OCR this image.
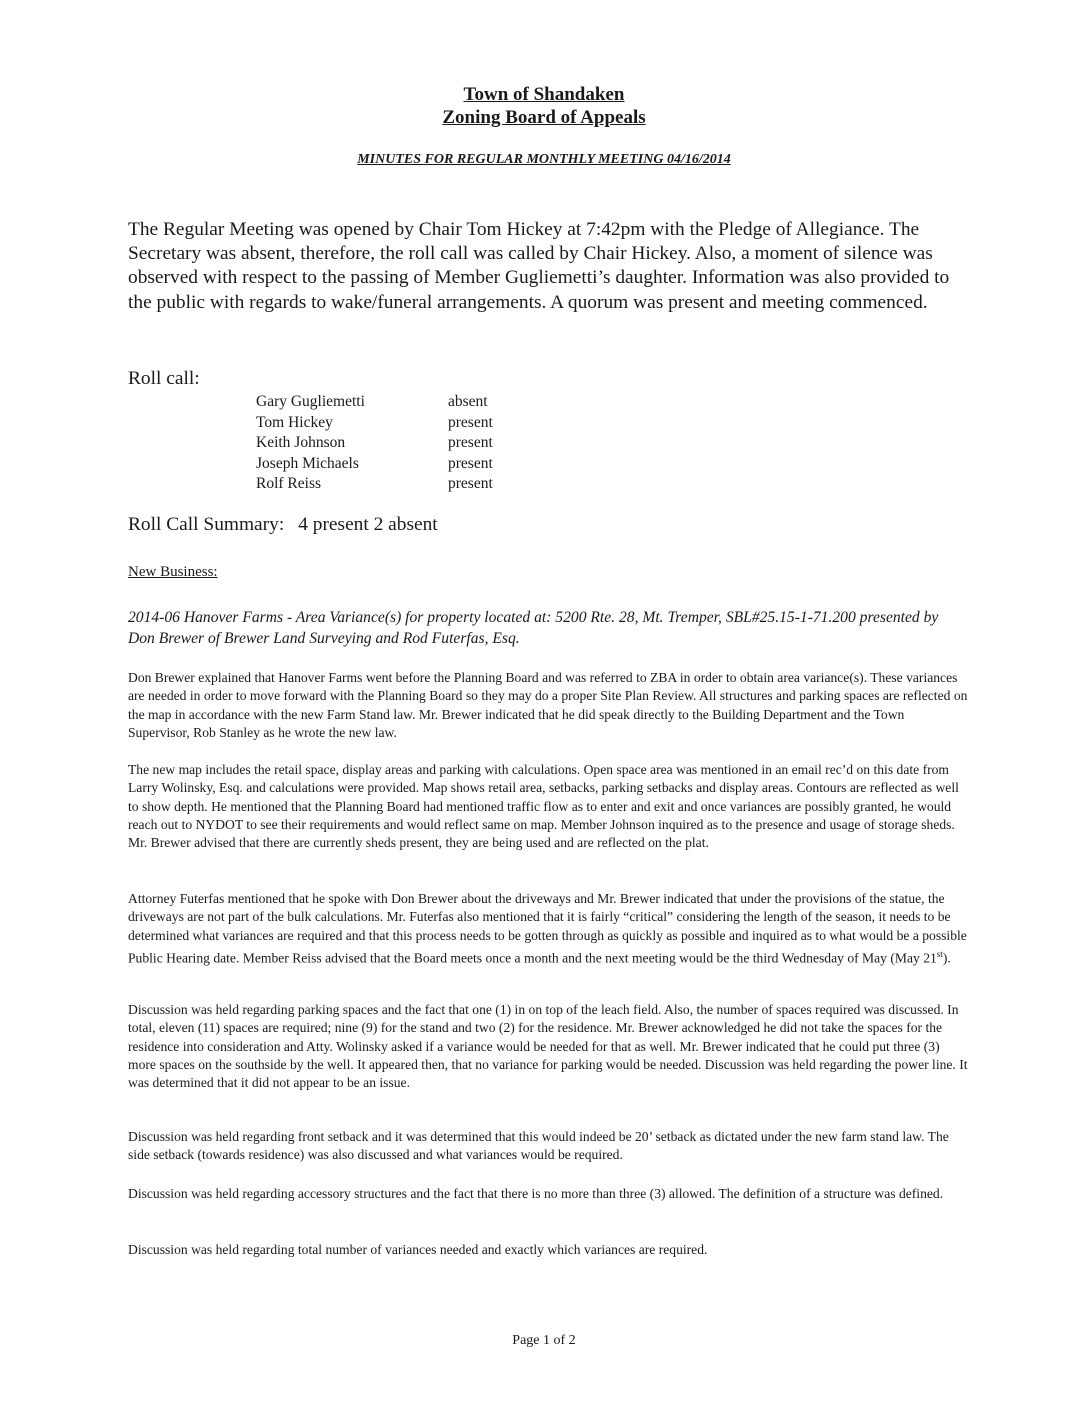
Town of Shandaken
Zoning Board of Appeals
MINUTES FOR REGULAR MONTHLY MEETING 04/16/2014

The Regular Meeting was opened by Chair Tom Hickey at 7:42pm with the Pledge of Allegiance. The Secretary was absent, therefore, the roll call was called by Chair Hickey. Also, a moment of silence was observed with respect to the passing of Member Gugliemetti’s daughter. Information was also provided to the public with regards to wake/funeral arrangements. A quorum was present and meeting commenced.

Roll call:

Gary Gugliemetti	absent
Tom Hickey	present
Keith Johnson	present
Joseph Michaels	present
Rolf Reiss	present

Roll Call Summary: 4 present 2 absent

New Business:

2014-06 Hanover Farms - Area Variance(s) for property located at: 5200 Rte. 28, Mt. Tremper, SBL#25.15-1-71.200 presented by Don Brewer of Brewer Land Surveying and Rod Futerfas, Esq.

Don Brewer explained that Hanover Farms went before the Planning Board and was referred to ZBA in order to obtain area variance(s). These variances are needed in order to move forward with the Planning Board so they may do a proper Site Plan Review. All structures and parking spaces are reflected on the map in accordance with the new Farm Stand law. Mr. Brewer indicated that he did speak directly to the Building Department and the Town Supervisor, Rob Stanley as he wrote the new law.

The new map includes the retail space, display areas and parking with calculations. Open space area was mentioned in an email rec’d on this date from Larry Wolinsky, Esq. and calculations were provided. Map shows retail area, setbacks, parking setbacks and display areas. Contours are reflected as well to show depth. He mentioned that the Planning Board had mentioned traffic flow as to enter and exit and once variances are possibly granted, he would reach out to NYDOT to see their requirements and would reflect same on map. Member Johnson inquired as to the presence and usage of storage sheds. Mr. Brewer advised that there are currently sheds present, they are being used and are reflected on the plat.

Attorney Futerfas mentioned that he spoke with Don Brewer about the driveways and Mr. Brewer indicated that under the provisions of the statue, the driveways are not part of the bulk calculations. Mr. Futerfas also mentioned that it is fairly “critical” considering the length of the season, it needs to be determined what variances are required and that this process needs to be gotten through as quickly as possible and inquired as to what would be a possible Public Hearing date. Member Reiss advised that the Board meets once a month and the next meeting would be the third Wednesday of May (May 21st).

Discussion was held regarding parking spaces and the fact that one (1) in on top of the leach field. Also, the number of spaces required was discussed. In total, eleven (11) spaces are required; nine (9) for the stand and two (2) for the residence. Mr. Brewer acknowledged he did not take the spaces for the residence into consideration and Atty. Wolinsky asked if a variance would be needed for that as well. Mr. Brewer indicated that he could put three (3) more spaces on the southside by the well. It appeared then, that no variance for parking would be needed. Discussion was held regarding the power line. It was determined that it did not appear to be an issue.

Discussion was held regarding front setback and it was determined that this would indeed be 20’ setback as dictated under the new farm stand law. The side setback (towards residence) was also discussed and what variances would be required.

Discussion was held regarding accessory structures and the fact that there is no more than three (3) allowed. The definition of a structure was defined.

Discussion was held regarding total number of variances needed and exactly which variances are required.

Page 1 of 2
